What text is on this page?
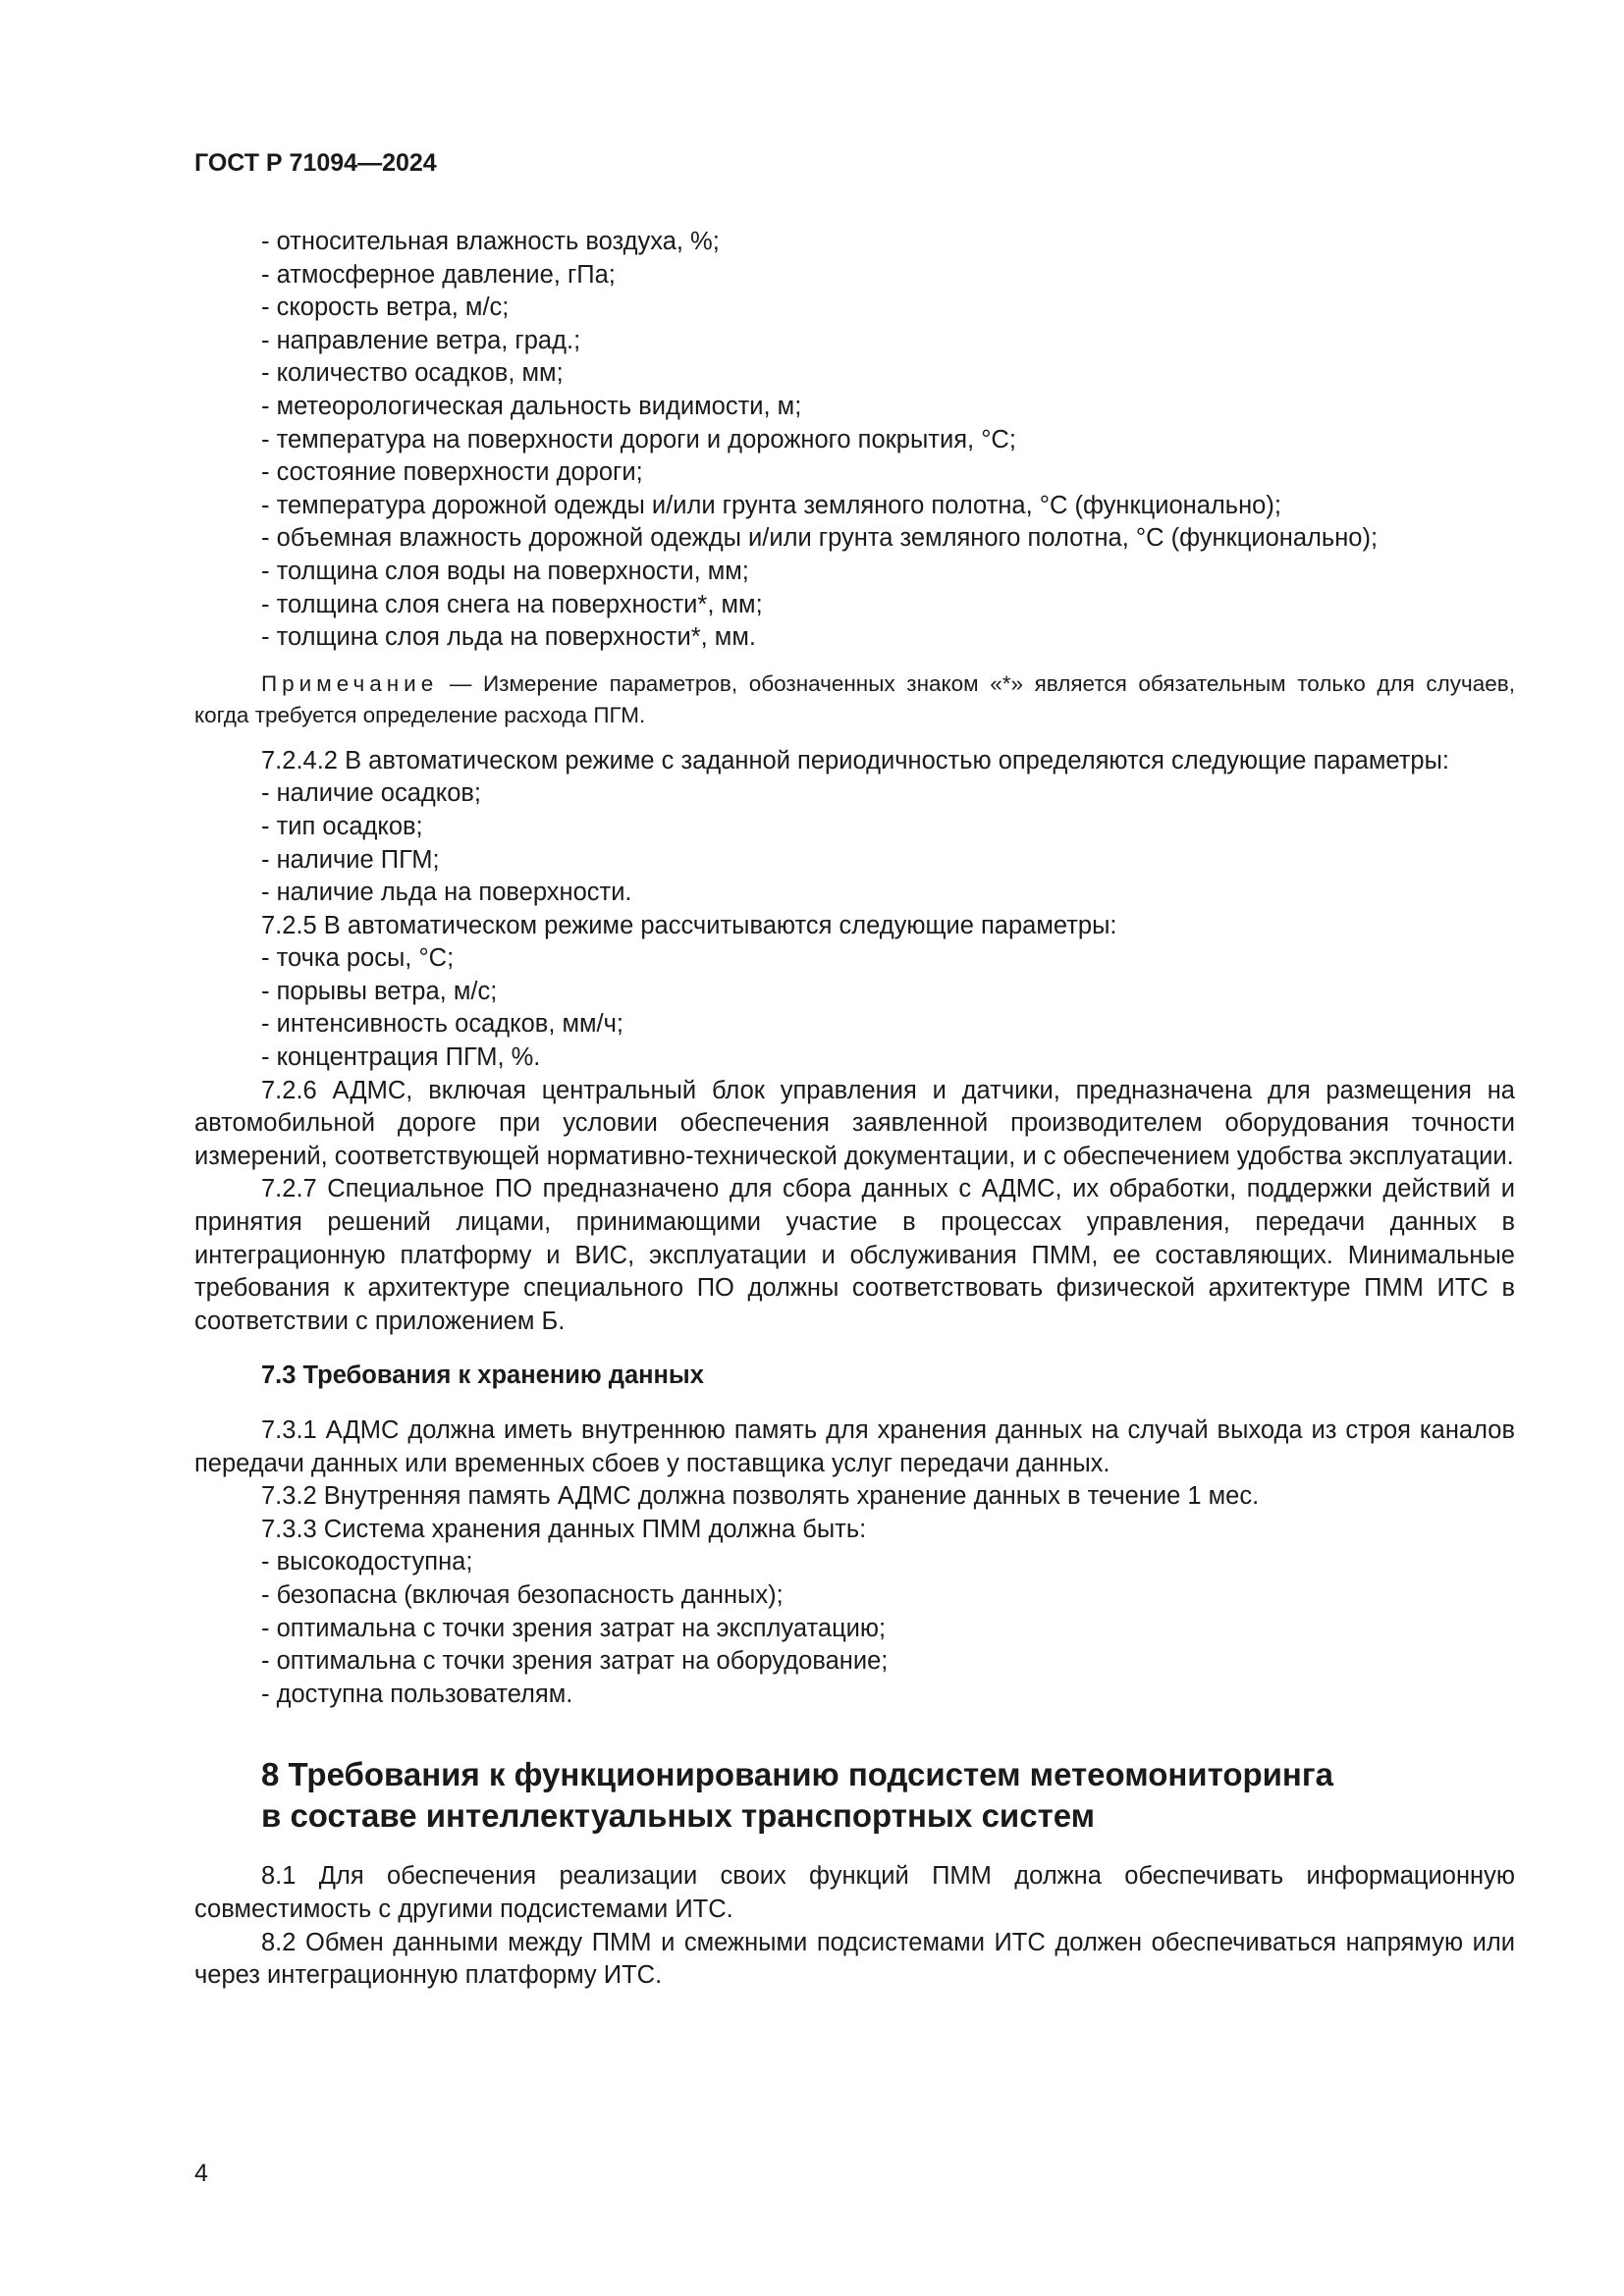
ГОСТ Р 71094—2024
- относительная влажность воздуха, %;
- атмосферное давление, гПа;
- скорость ветра, м/с;
- направление ветра, град.;
- количество осадков, мм;
- метеорологическая дальность видимости, м;
- температура на поверхности дороги и дорожного покрытия, °С;
- состояние поверхности дороги;
- температура дорожной одежды и/или грунта земляного полотна, °С (функционально);
- объемная влажность дорожной одежды и/или грунта земляного полотна, °С (функционально);
- толщина слоя воды на поверхности, мм;
- толщина слоя снега на поверхности*, мм;
- толщина слоя льда на поверхности*, мм.
Примечание — Измерение параметров, обозначенных знаком «*» является обязательным только для случаев, когда требуется определение расхода ПГМ.
7.2.4.2 В автоматическом режиме с заданной периодичностью определяются следующие параметры:
- наличие осадков;
- тип осадков;
- наличие ПГМ;
- наличие льда на поверхности.
7.2.5 В автоматическом режиме рассчитываются следующие параметры:
- точка росы, °С;
- порывы ветра, м/с;
- интенсивность осадков, мм/ч;
- концентрация ПГМ, %.
7.2.6 АДМС, включая центральный блок управления и датчики, предназначена для размещения на автомобильной дороге при условии обеспечения заявленной производителем оборудования точности измерений, соответствующей нормативно-технической документации, и с обеспечением удобства эксплуатации.
7.2.7 Специальное ПО предназначено для сбора данных с АДМС, их обработки, поддержки действий и принятия решений лицами, принимающими участие в процессах управления, передачи данных в интеграционную платформу и ВИС, эксплуатации и обслуживания ПММ, ее составляющих. Минимальные требования к архитектуре специального ПО должны соответствовать физической архитектуре ПММ ИТС в соответствии с приложением Б.
7.3 Требования к хранению данных
7.3.1 АДМС должна иметь внутреннюю память для хранения данных на случай выхода из строя каналов передачи данных или временных сбоев у поставщика услуг передачи данных.
7.3.2 Внутренняя память АДМС должна позволять хранение данных в течение 1 мес.
7.3.3 Система хранения данных ПММ должна быть:
- высокодоступна;
- безопасна (включая безопасность данных);
- оптимальна с точки зрения затрат на эксплуатацию;
- оптимальна с точки зрения затрат на оборудование;
- доступна пользователям.
8 Требования к функционированию подсистем метеомониторинга
в составе интеллектуальных транспортных систем
8.1 Для обеспечения реализации своих функций ПММ должна обеспечивать информационную совместимость с другими подсистемами ИТС.
8.2 Обмен данными между ПММ и смежными подсистемами ИТС должен обеспечиваться напрямую или через интеграционную платформу ИТС.
4
